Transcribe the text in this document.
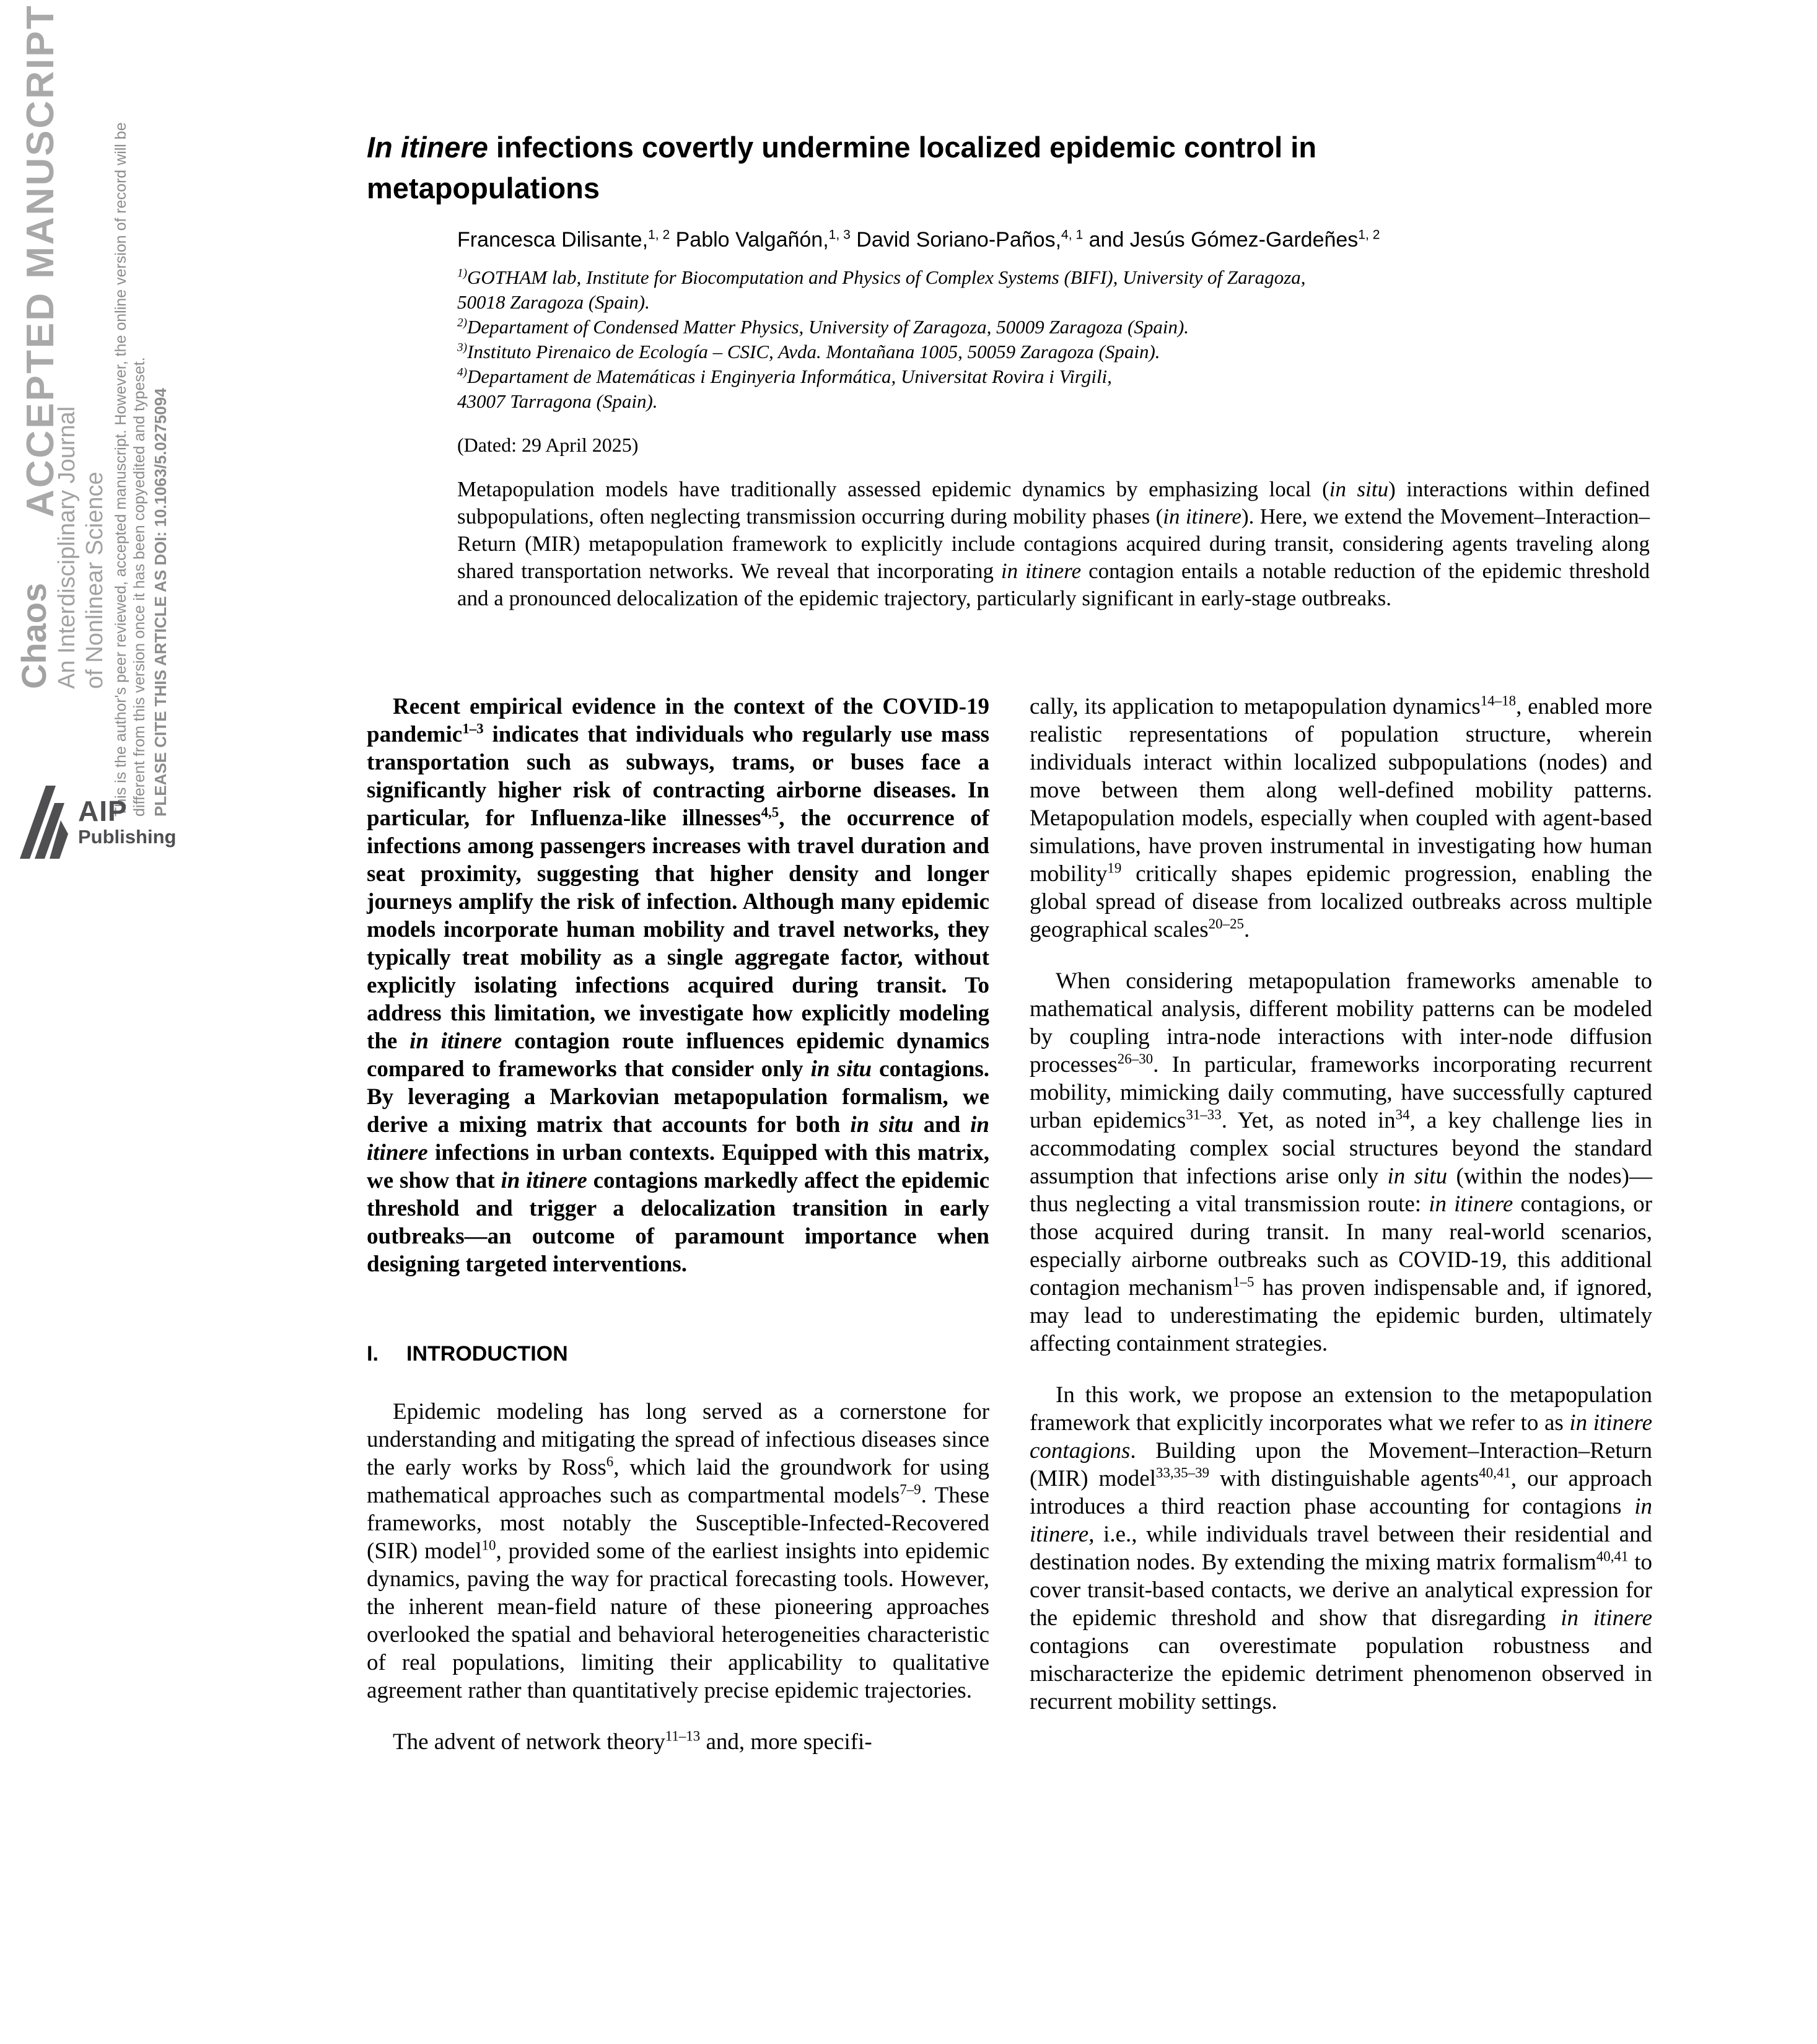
ACCEPTED MANUSCRIPT
Chaos An Interdisciplinary Journal of Nonlinear Science This is the author's peer reviewed, accepted manuscript. However, the online version of record will be different from this version once it has been copyedited and typeset. PLEASE CITE THIS ARTICLE AS DOI: 10.1063/5.0275094
AIP
Publishing
In itinere infections covertly undermine localized epidemic control in
metapopulations
Francesca Dilisante,$^{1, 2}$ Pablo Valgañón,$^{1, 3}$ David Soriano-Paños,$^{4, 1}$ and Jesús Gómez-Gardeñes$^{1, 2}$
$^{1)}$GOTHAM lab, Institute for Biocomputation and Physics of Complex Systems (BIFI), University of Zaragoza,
50018 Zaragoza (Spain).
$^{2)}$Departament of Condensed Matter Physics, University of Zaragoza, 50009 Zaragoza (Spain).
$^{3)}$Instituto Pirenaico de Ecología – CSIC, Avda. Montañana 1005, 50059 Zaragoza (Spain).
$^{4)}$Departament de Matemáticas i Enginyeria Informática, Universitat Rovira i Virgili,
43007 Tarragona (Spain).
(Dated: 29 April 2025)
Metapopulation models have traditionally assessed epidemic dynamics by emphasizing local (in situ) interactions within defined subpopulations, often neglecting transmission occurring during mobility phases (in itinere). Here, we extend the Movement–Interaction–Return (MIR) metapopulation framework to explicitly include contagions acquired during transit, considering agents traveling along shared transportation networks. We reveal that incorporating in itinere contagion entails a notable reduction of the epidemic threshold and a pronounced delocalization of the epidemic trajectory, particularly significant in early-stage outbreaks.

Recent empirical evidence in the context of the COVID-19 pandemic$^{1-3}$ indicates that individuals who regularly use mass transportation such as subways, trams, or buses face a significantly higher risk of contracting airborne diseases. In particular, for Influenza-like illnesses$^{4,5}$, the occurrence of infections among passengers increases with travel duration and seat proximity, suggesting that higher density and longer journeys amplify the risk of infection. Although many epidemic models incorporate human mobility and travel networks, they typically treat mobility as a single aggregate factor, without explicitly isolating infections acquired during transit. To address this limitation, we investigate how explicitly modeling the in itinere contagion route influences epidemic dynamics compared to frameworks that consider only in situ contagions. By leveraging a Markovian metapopulation formalism, we derive a mixing matrix that accounts for both in situ and in itinere infections in urban contexts. Equipped with this matrix, we show that in itinere contagions markedly affect the epidemic threshold and trigger a delocalization transition in early outbreaks—an outcome of paramount importance when designing targeted interventions.

I. INTRODUCTION

Epidemic modeling has long served as a cornerstone for understanding and mitigating the spread of infectious diseases since the early works by Ross$^6$, which laid the groundwork for using mathematical approaches such as compartmental models$^{7-9}$. These frameworks, most notably the Susceptible-Infected-Recovered (SIR) model$^{10}$, provided some of the earliest insights into epidemic dynamics, paving the way for practical forecasting tools. However, the inherent mean-field nature of these pioneering approaches overlooked the spatial and behavioral heterogeneities characteristic of real populations, limiting their applicability to qualitative agreement rather than quantitatively precise epidemic trajectories.

The advent of network theory$^{11-13}$ and, more specifi-

cally, its application to metapopulation dynamics$^{14-18}$, enabled more realistic representations of population structure, wherein individuals interact within localized subpopulations (nodes) and move between them along well-defined mobility patterns. Metapopulation models, especially when coupled with agent-based simulations, have proven instrumental in investigating how human mobility$^{19}$ critically shapes epidemic progression, enabling the global spread of disease from localized outbreaks across multiple geographical scales$^{20-25}$.

When considering metapopulation frameworks amenable to mathematical analysis, different mobility patterns can be modeled by coupling intra-node interactions with inter-node diffusion processes$^{26-30}$. In particular, frameworks incorporating recurrent mobility, mimicking daily commuting, have successfully captured urban epidemics$^{31-33}$. Yet, as noted $in^{34}$, a key challenge lies in accommodating complex social structures beyond the standard assumption that infections arise only in situ (within the nodes)—thus neglecting a vital transmission route: in itinere contagions, or those acquired during transit. In many real-world scenarios, especially airborne outbreaks such as COVID-19, this additional contagion mechanism$^{1-5}$ has proven indispensable and, if ignored, may lead to underestimating the epidemic burden, ultimately affecting containment strategies.

In this work, we propose an extension to the metapopulation framework that explicitly incorporates what we refer to as in itinere contagions. Building upon the Movement–Interaction–Return (MIR) model$^{33,35-39}$ with distinguishable agents$^{40,41}$, our approach introduces a third reaction phase accounting for contagions in itinere, i.e., while individuals travel between their residential and destination nodes. By extending the mixing matrix formalism$^{40,41}$ to cover transit-based contacts, we derive an analytical expression for the epidemic threshold and show that disregarding in itinere contagions can overestimate population robustness and mischaracterize the epidemic detriment phenomenon observed in recurrent mobility settings.
